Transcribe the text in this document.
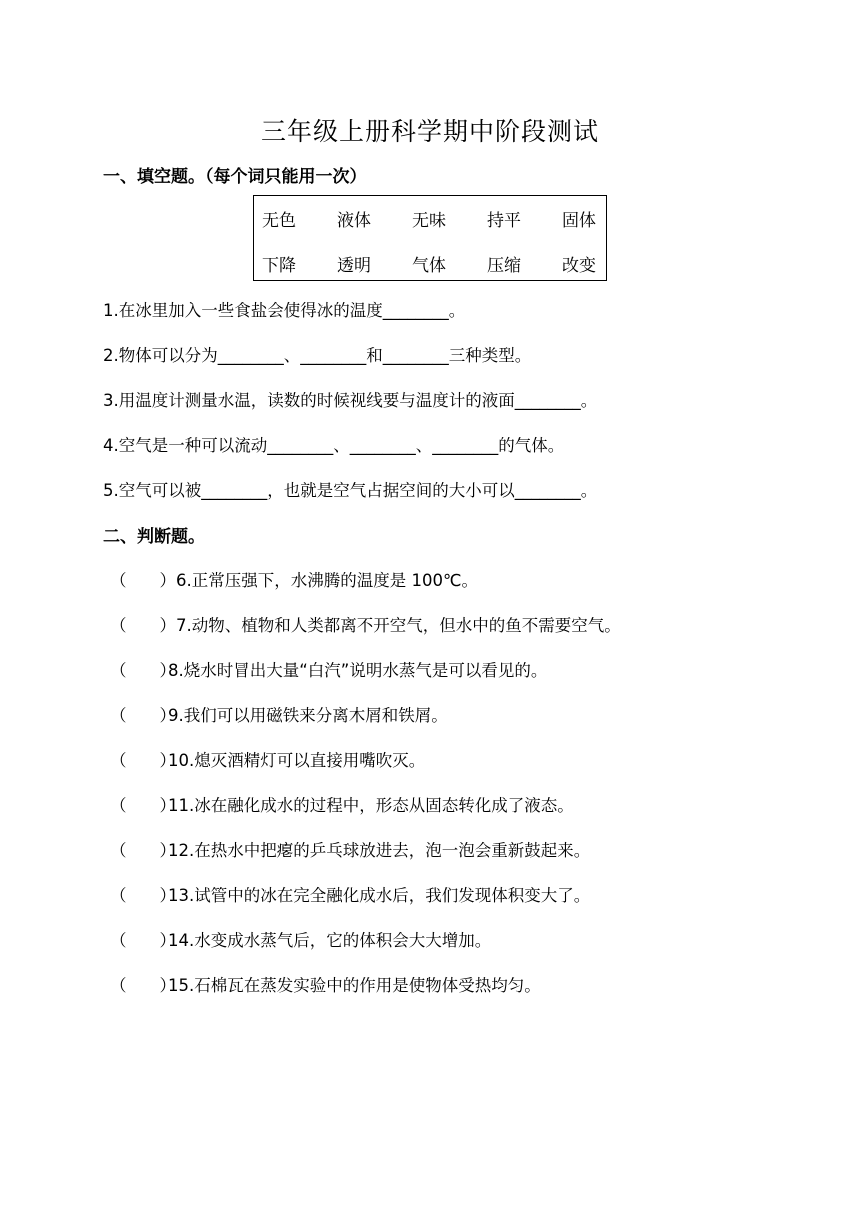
三年级上册科学期中阶段测试
一、填空题。（每个词只能用一次）
无色 液体 无味 持平 固体
下降 透明 气体 压缩 改变
1.在冰里加入一些食盐会使得冰的温度________。
2.物体可以分为________、________和________三种类型。
3.用温度计测量水温，读数的时候视线要与温度计的液面________。
4.空气是一种可以流动________、________、________的气体。
5.空气可以被________，也就是空气占据空间的大小可以________。
二、判断题。
（　　）6.正常压强下，水沸腾的温度是 100℃。
（　　）7.动物、植物和人类都离不开空气，但水中的鱼不需要空气。
（　　）8.烧水时冒出大量“白汽”说明水蒸气是可以看见的。
（　　）9.我们可以用磁铁来分离木屑和铁屑。
（　　）10.熄灭酒精灯可以直接用嘴吹灭。
（　　）11.冰在融化成水的过程中，形态从固态转化成了液态。
（　　）12.在热水中把瘪的乒乓球放进去，泡一泡会重新鼓起来。
（　　）13.试管中的冰在完全融化成水后，我们发现体积变大了。
（　　）14.水变成水蒸气后，它的体积会大大增加。
（　　）15.石棉瓦在蒸发实验中的作用是使物体受热均匀。
